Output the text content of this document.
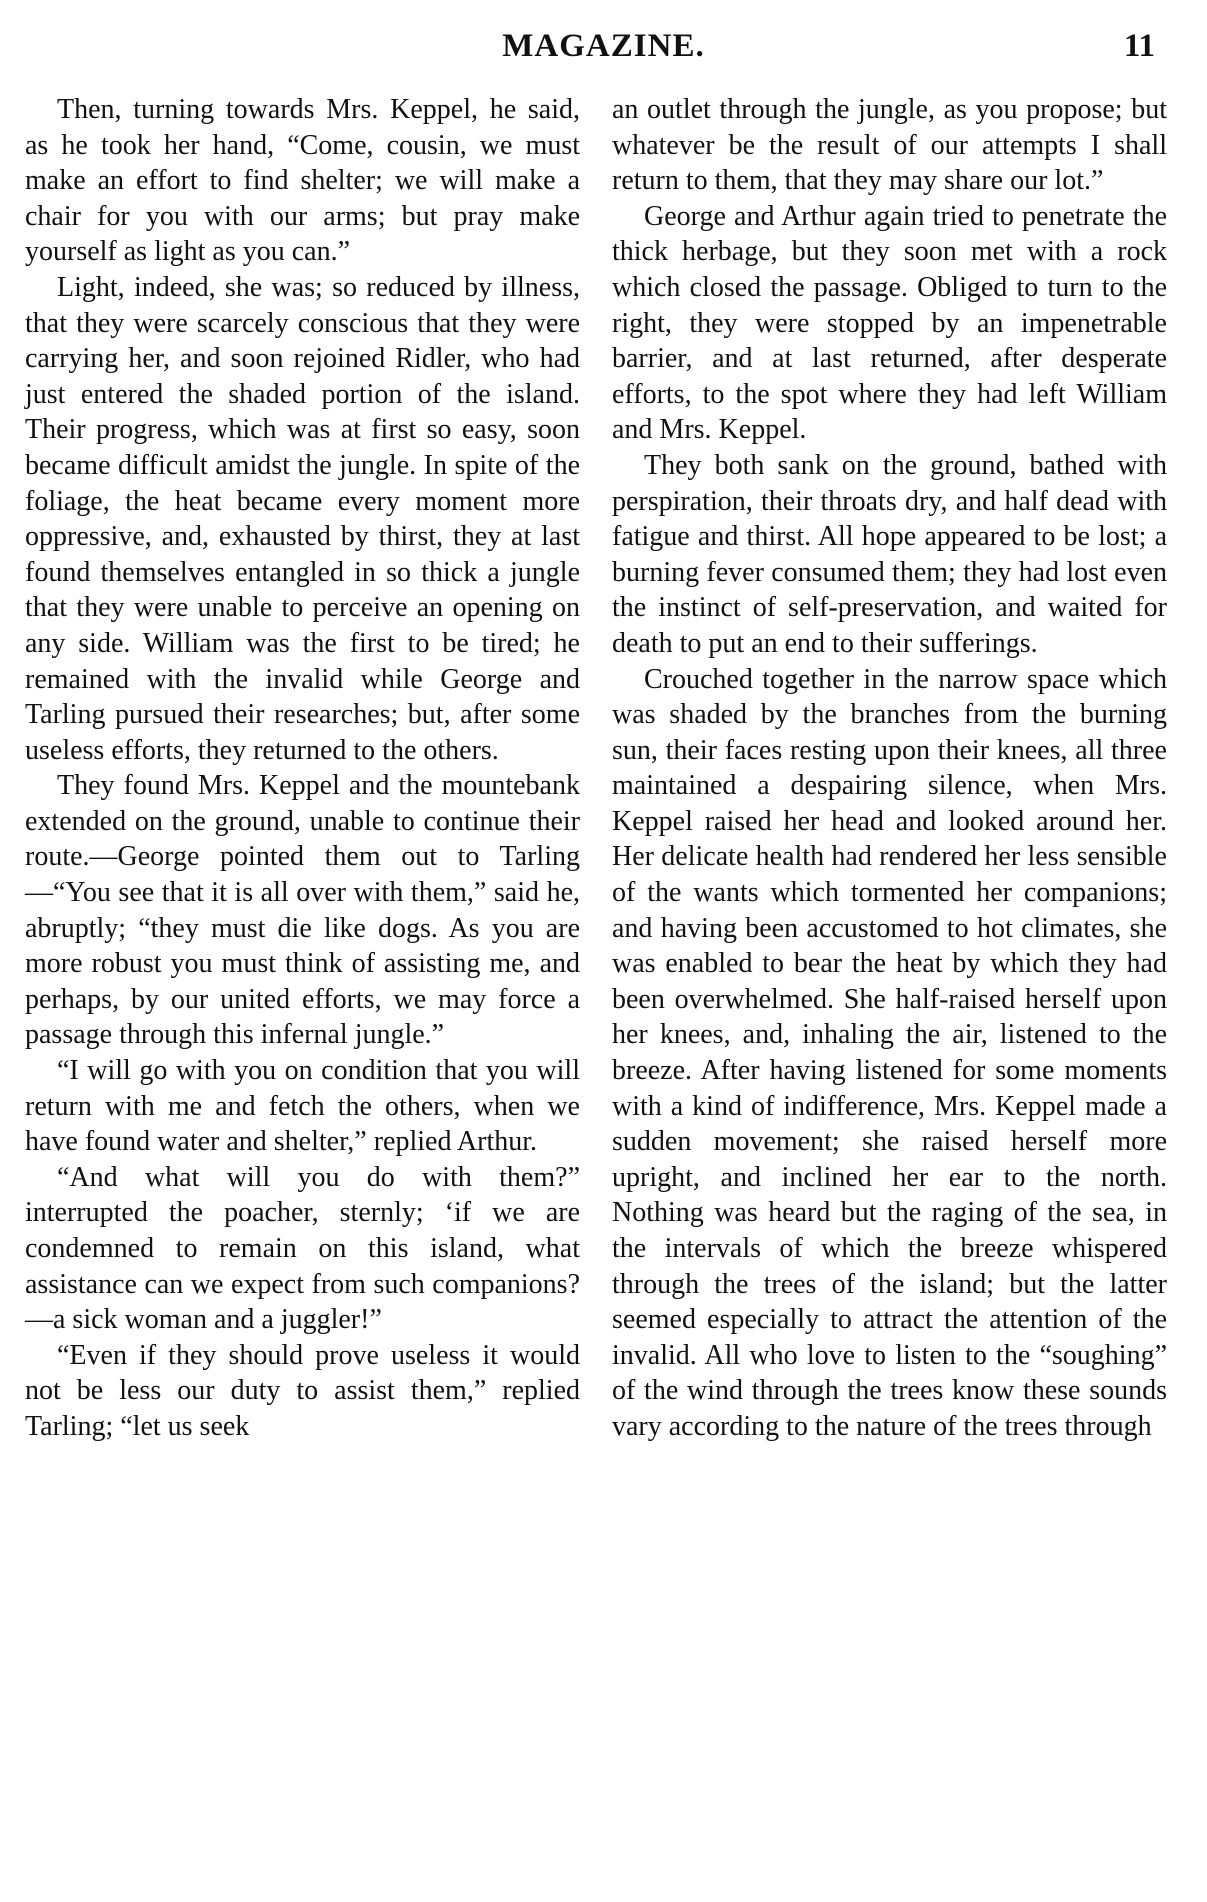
MAGAZINE.	11

Then, turning towards Mrs. Keppel, he said, as he took her hand, “Come, cousin, we must make an effort to find shelter; we will make a chair for you with our arms; but pray make yourself as light as you can.”

Light, indeed, she was; so reduced by illness, that they were scarcely conscious that they were carrying her, and soon rejoined Ridler, who had just entered the shaded portion of the island. Their progress, which was at first so easy, soon became difficult amidst the jungle. In spite of the foliage, the heat became every moment more oppressive, and, exhausted by thirst, they at last found themselves entangled in so thick a jungle that they were unable to perceive an opening on any side. William was the first to be tired; he remained with the invalid while George and Tarling pursued their researches; but, after some useless efforts, they returned to the others.

They found Mrs. Keppel and the mountebank extended on the ground, unable to continue their route.—George pointed them out to Tarling—“You see that it is all over with them,” said he, abruptly; “they must die like dogs. As you are more robust you must think of assisting me, and perhaps, by our united efforts, we may force a passage through this infernal jungle.”

“I will go with you on condition that you will return with me and fetch the others, when we have found water and shelter,” replied Arthur.

“And what will you do with them?” interrupted the poacher, sternly; ‘if we are condemned to remain on this island, what assistance can we expect from such companions?—a sick woman and a juggler!”

“Even if they should prove useless it would not be less our duty to assist them,” replied Tarling; “let us seek

an outlet through the jungle, as you propose; but whatever be the result of our attempts I shall return to them, that they may share our lot.”

George and Arthur again tried to penetrate the thick herbage, but they soon met with a rock which closed the passage. Obliged to turn to the right, they were stopped by an impenetrable barrier, and at last returned, after desperate efforts, to the spot where they had left William and Mrs. Keppel.

They both sank on the ground, bathed with perspiration, their throats dry, and half dead with fatigue and thirst. All hope appeared to be lost; a burning fever consumed them; they had lost even the instinct of self-preservation, and waited for death to put an end to their sufferings.

Crouched together in the narrow space which was shaded by the branches from the burning sun, their faces resting upon their knees, all three maintained a despairing silence, when Mrs. Keppel raised her head and looked around her. Her delicate health had rendered her less sensible of the wants which tormented her companions; and having been accustomed to hot climates, she was enabled to bear the heat by which they had been overwhelmed. She half-raised herself upon her knees, and, inhaling the air, listened to the breeze. After having listened for some moments with a kind of indifference, Mrs. Keppel made a sudden movement; she raised herself more upright, and inclined her ear to the north. Nothing was heard but the raging of the sea, in the intervals of which the breeze whispered through the trees of the island; but the latter seemed especially to attract the attention of the invalid. All who love to listen to the “soughing” of the wind through the trees know these sounds vary according to the nature of the trees through
